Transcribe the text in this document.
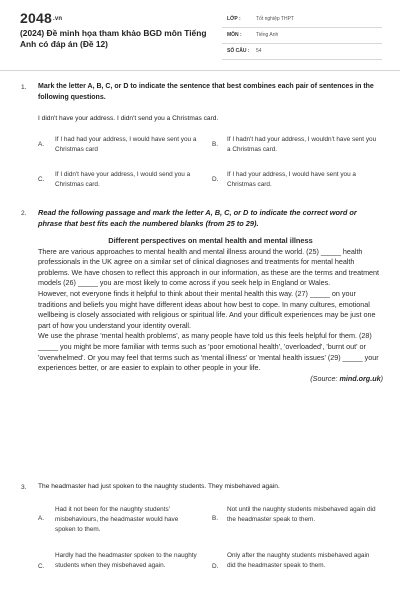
2048.vn
(2024) Đề minh họa tham khảo BGD môn Tiếng Anh có đáp án (Đề 12)
LỚP :	Tốt nghiệp THPT
MÔN :	Tiếng Anh
SỐ CÂU : 54
1. Mark the letter A, B, C, or D to indicate the sentence that best combines each pair of sentences in the following questions.
I didn't have your address. I didn't send you a Christmas card.
A.
If I had had your address, I would have sent you a Christmas card
B.
If I hadn't had your address, I wouldn't have sent you a Christmas card.
C.
If I didn't have your address, I would send you a Christmas card.
D.
If I had your address, I would have sent you a Christmas card.
2. Read the following passage and mark the letter A, B, C, or D to indicate the correct word or phrase that best fits each the numbered blanks (from 25 to 29).

Different perspectives on mental health and mental illness

There are various approaches to mental health and mental illness around the world. (25) _____ health professionals in the UK agree on a similar set of clinical diagnoses and treatments for mental health problems. We have chosen to reflect this approach in our information, as these are the terms and treatment models (26) _____ you are most likely to come across if you seek help in England or Wales.

However, not everyone finds it helpful to think about their mental health this way. (27) _____ on your traditions and beliefs you might have different ideas about how best to cope. In many cultures, emotional wellbeing is closely associated with religious or spiritual life. And your difficult experiences may be just one part of how you understand your identity overall.

We use the phrase 'mental health problems', as many people have told us this feels helpful for them. (28) _____ you might be more familiar with terms such as 'poor emotional health', 'overloaded', 'burnt out' or 'overwhelmed'. Or you may feel that terms such as 'mental illness' or 'mental health issues' (29) _____ your experiences better, or are easier to explain to other people in your life.

(Source: mind.org.uk)

3. The headmaster had just spoken to the naughty students. They misbehaved again.
A.
Had it not been for the naughty students' misbehaviours, the headmaster would have spoken to them.
B.
Not until the naughty students misbehaved again did the headmaster speak to them.
C.
Hardly had the headmaster spoken to the naughty students when they misbehaved again.	D.
Only after the naughty students misbehaved again did the headmaster speak to them.
